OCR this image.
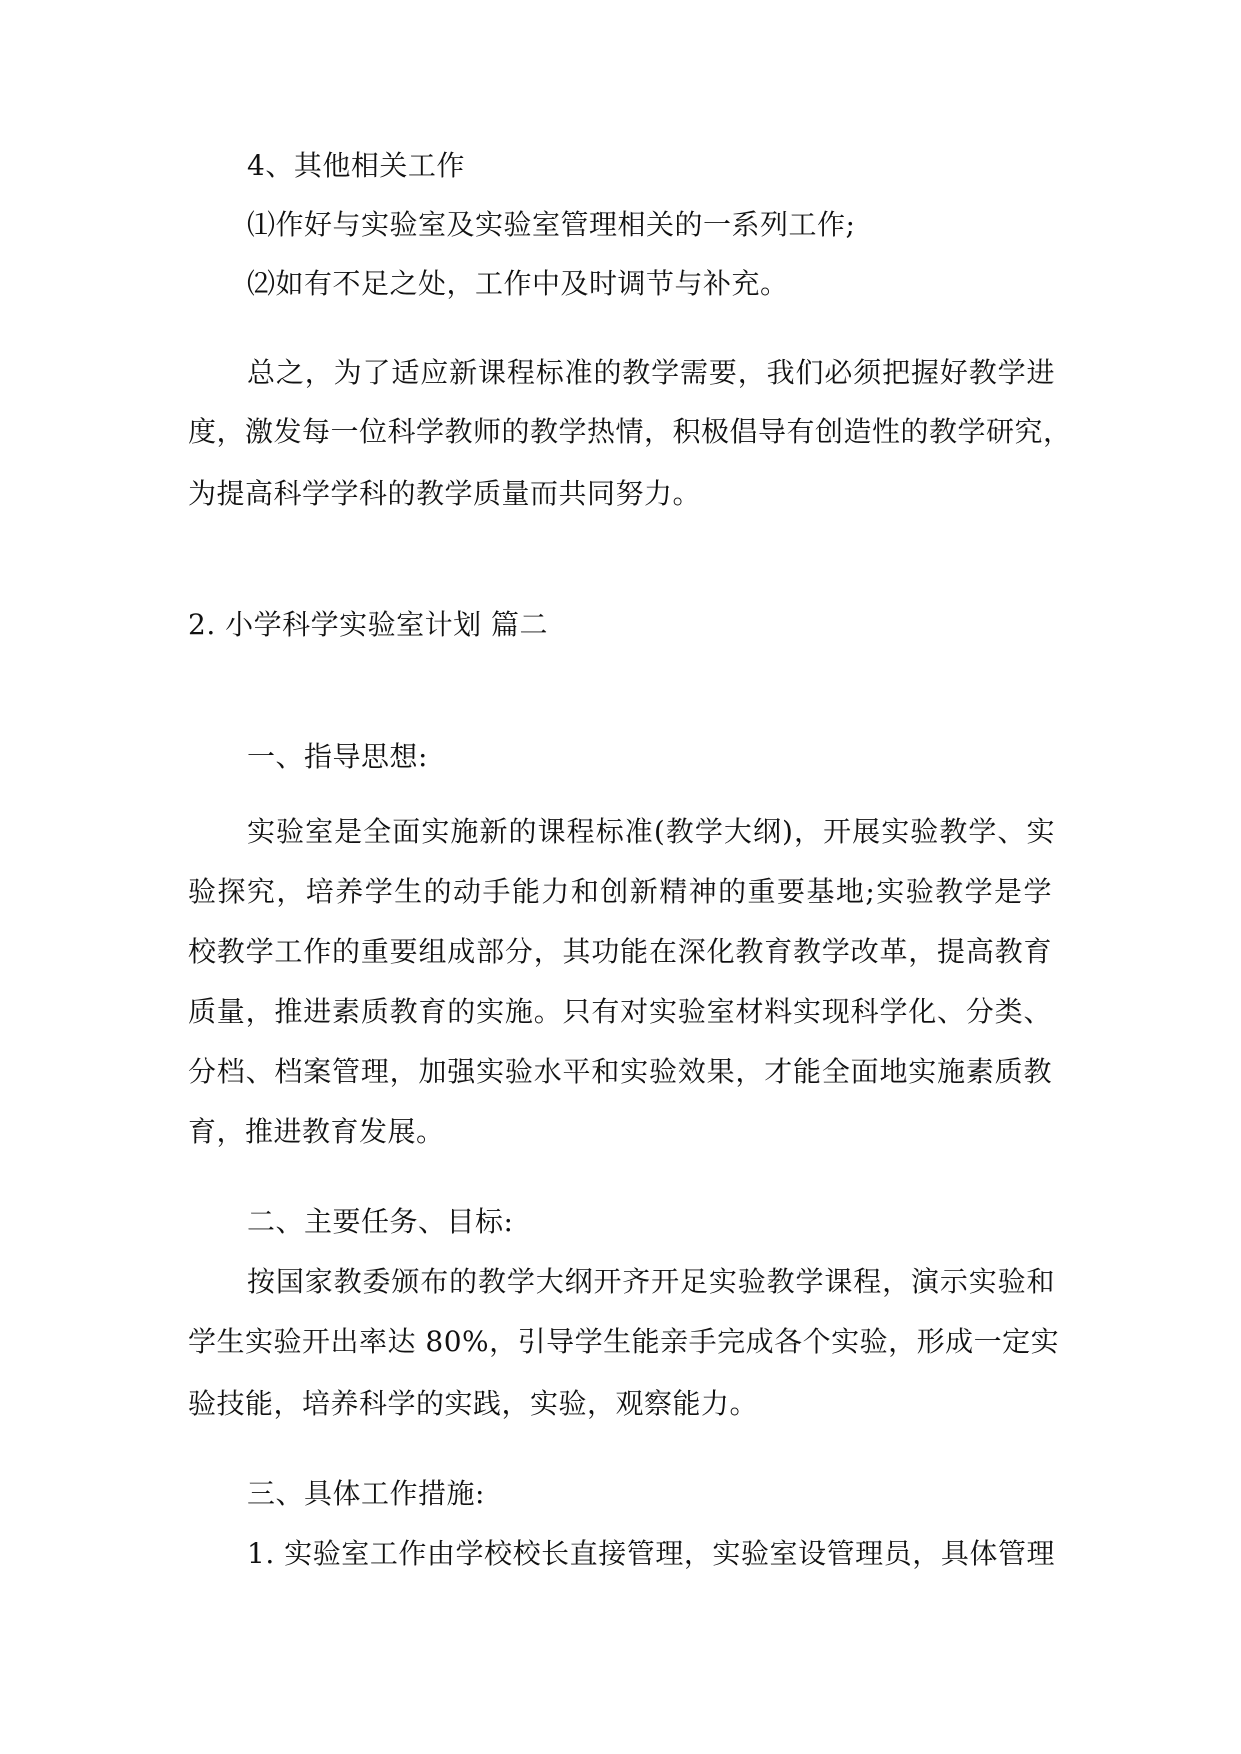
4、其他相关工作
⑴作好与实验室及实验室管理相关的一系列工作;
⑵如有不足之处，工作中及时调节与补充。
总之，为了适应新课程标准的教学需要，我们必须把握好教学进
度，激发每一位科学教师的教学热情，积极倡导有创造性的教学研究，
为提高科学学科的教学质量而共同努力。
2. 小学科学实验室计划 篇二
一、指导思想:
实验室是全面实施新的课程标准(教学大纲)，开展实验教学、实
验探究，培养学生的动手能力和创新精神的重要基地;实验教学是学
校教学工作的重要组成部分，其功能在深化教育教学改革，提高教育
质量，推进素质教育的实施。只有对实验室材料实现科学化、分类、
分档、档案管理，加强实验水平和实验效果，才能全面地实施素质教
育，推进教育发展。
二、主要任务、目标:
按国家教委颁布的教学大纲开齐开足实验教学课程，演示实验和
学生实验开出率达 80%，引导学生能亲手完成各个实验，形成一定实
验技能，培养科学的实践，实验，观察能力。
三、具体工作措施:
1. 实验室工作由学校校长直接管理，实验室设管理员，具体管理
